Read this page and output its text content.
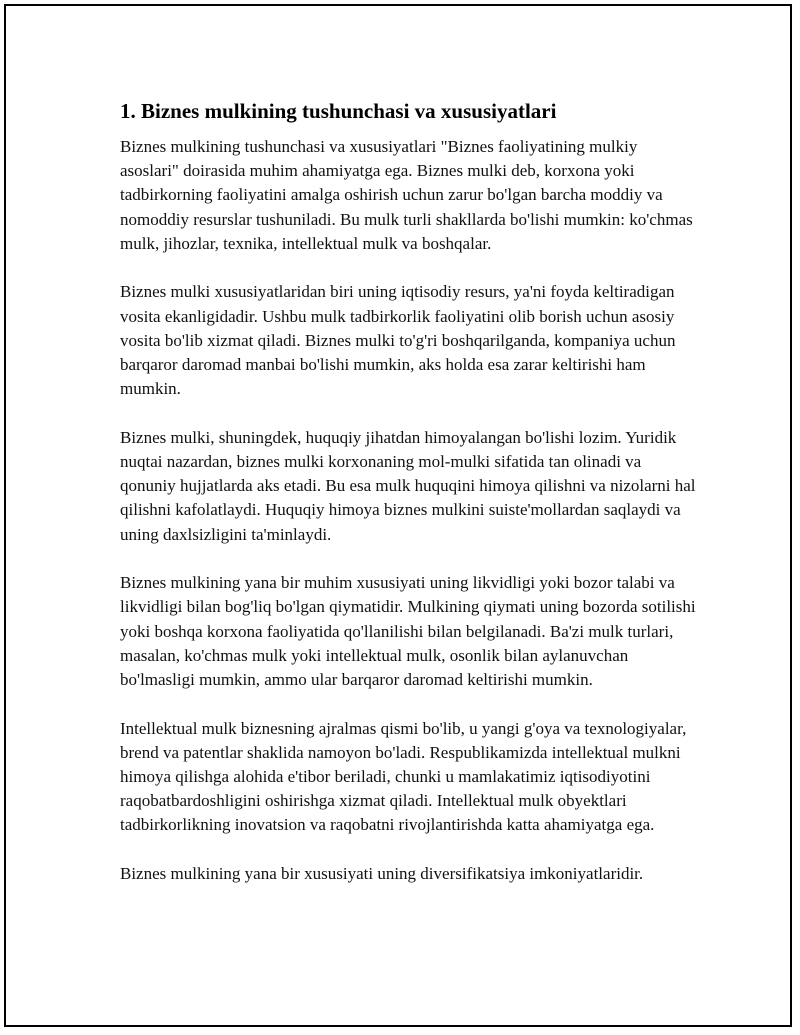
1. Biznes mulkining tushunchasi va xususiyatlari

Biznes mulkining tushunchasi va xususiyatlari "Biznes faoliyatining mulkiy asoslari" doirasida muhim ahamiyatga ega. Biznes mulki deb, korxona yoki tadbirkorning faoliyatini amalga oshirish uchun zarur bo'lgan barcha moddiy va nomoddiy resurslar tushuniladi. Bu mulk turli shakllarda bo'lishi mumkin: ko'chmas mulk, jihozlar, texnika, intellektual mulk va boshqalar.

Biznes mulki xususiyatlaridan biri uning iqtisodiy resurs, ya'ni foyda keltiradigan vosita ekanligidadir. Ushbu mulk tadbirkorlik faoliyatini olib borish uchun asosiy vosita bo'lib xizmat qiladi. Biznes mulki to'g'ri boshqarilganda, kompaniya uchun barqaror daromad manbai bo'lishi mumkin, aks holda esa zarar keltirishi ham mumkin.

Biznes mulki, shuningdek, huquqiy jihatdan himoyalangan bo'lishi lozim. Yuridik nuqtai nazardan, biznes mulki korxonaning mol-mulki sifatida tan olinadi va qonuniy hujjatlarda aks etadi. Bu esa mulk huquqini himoya qilishni va nizolarni hal qilishni kafolatlaydi. Huquqiy himoya biznes mulkini suiste'mollardan saqlaydi va uning daxlsizligini ta'minlaydi.

Biznes mulkining yana bir muhim xususiyati uning likvidligi yoki bozor talabi va likvidligi bilan bog'liq bo'lgan qiymatidir. Mulkining qiymati uning bozorda sotilishi yoki boshqa korxona faoliyatida qo'llanilishi bilan belgilanadi. Ba'zi mulk turlari, masalan, ko'chmas mulk yoki intellektual mulk, osonlik bilan aylanuvchan bo'lmasligi mumkin, ammo ular barqaror daromad keltirishi mumkin.

Intellektual mulk biznesning ajralmas qismi bo'lib, u yangi g'oya va texnologiyalar, brend va patentlar shaklida namoyon bo'ladi. Respublikamizda intellektual mulkni himoya qilishga alohida e'tibor beriladi, chunki u mamlakatimiz iqtisodiyotini raqobatbardoshligini oshirishga xizmat qiladi. Intellektual mulk obyektlari tadbirkorlikning inovatsion va raqobatni rivojlantirishda katta ahamiyatga ega.

Biznes mulkining yana bir xususiyati uning diversifikatsiya imkoniyatlaridir.
